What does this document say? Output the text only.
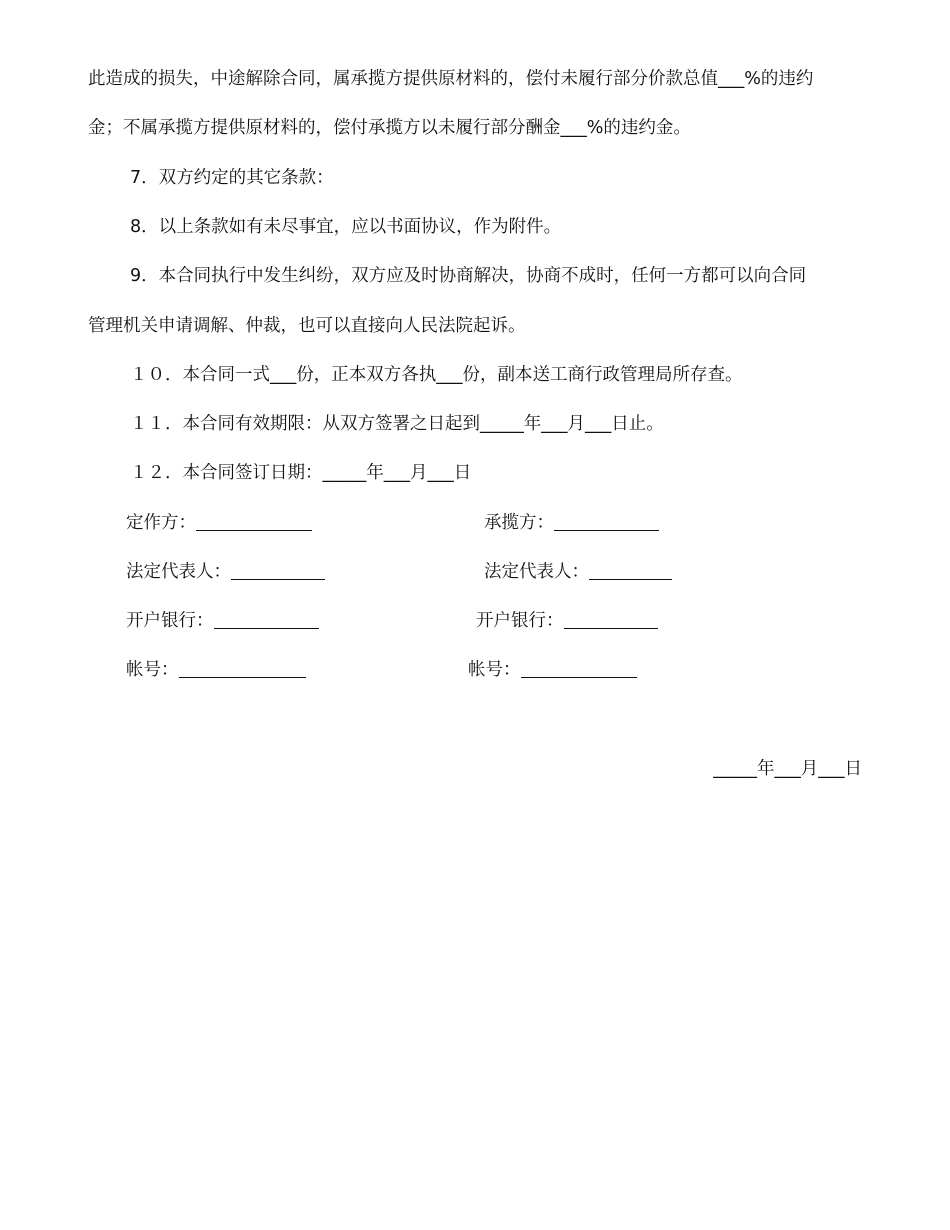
此造成的损失，中途解除合同，属承揽方提供原材料的，偿付未履行部分价款总值___%的违约
金；不属承揽方提供原材料的，偿付承揽方以未履行部分酬金___%的违约金。
7．双方约定的其它条款：
8．以上条款如有未尽事宜，应以书面协议，作为附件。
9．本合同执行中发生纠纷，双方应及时协商解决，协商不成时，任何一方都可以向合同
管理机关申请调解、仲裁，也可以直接向人民法院起诉。
１０．本合同一式___份，正本双方各执___份，副本送工商行政管理局所存查。
１１．本合同有效期限：从双方签署之日起到_____年___月___日止。
１２．本合同签订日期：_____年___月___日
定作方：
法定代表人：
开户银行：
帐号：
承揽方：
法定代表人：
开户银行：
帐号：
_____年___月___日
